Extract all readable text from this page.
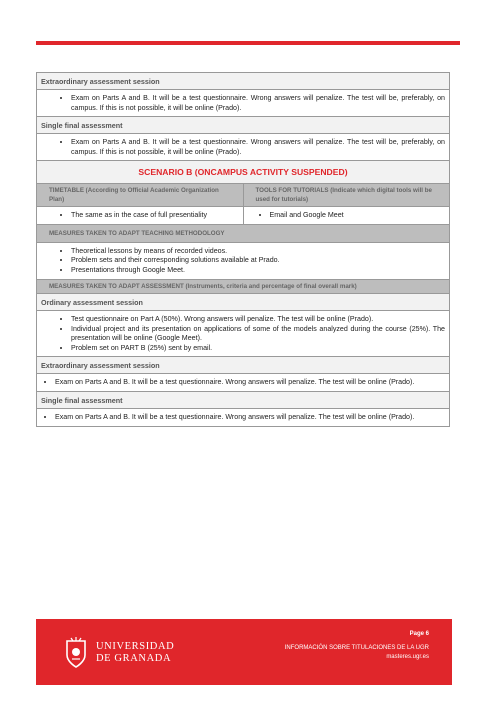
Extraordinary assessment session
• Exam on Parts A and B. It will be a test questionnaire. Wrong answers will penalize. The test will be, preferably, on campus. If this is not possible, it will be online (Prado).
Single final assessment
• Exam on Parts A and B. It will be a test questionnaire. Wrong answers will penalize. The test will be, preferably, on campus. If this is not possible, it will be online (Prado).
SCENARIO B (ONCAMPUS ACTIVITY SUSPENDED)
TIMETABLE (According to Official Academic Organization Plan)
TOOLS FOR TUTORIALS (Indicate which digital tools will be used for tutorials)
• The same as in the case of full presentiality
•	Email and Google Meet
MEASURES TAKEN TO ADAPT TEACHING METHODOLOGY
• Theoretical lessons by means of recorded videos.
• Problem sets and their corresponding solutions available at Prado.
• Presentations through Google Meet.
MEASURES TAKEN TO ADAPT ASSESSMENT (Instruments, criteria and percentage of final overall mark)
Ordinary assessment session
• Test questionnaire on Part A (50%). Wrong answers will penalize. The test will be online (Prado).
• Individual project and its presentation on applications of some of the models analyzed during the course (25%). The presentation will be online (Google Meet).
• Problem set on PART B (25%) sent by email.
Extraordinary assessment session
• Exam on Parts A and B. It will be a test questionnaire. Wrong answers will penalize. The test will be online (Prado).
Single final assessment
• Exam on Parts A and B. It will be a test questionnaire. Wrong answers will penalize. The test will be online (Prado).
UNIVERSIDAD
DE GRANADA
Page 6
INFORMACIÓN SOBRE TITULACIONES DE LA UGR
masteres.ugr.es
